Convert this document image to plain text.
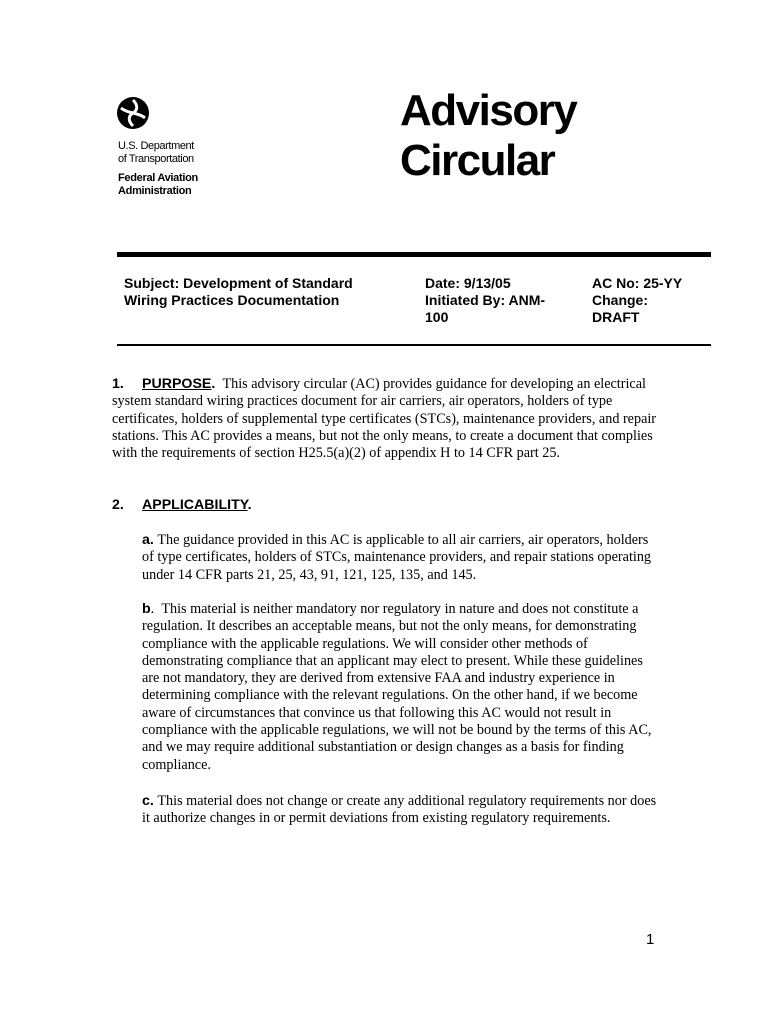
U.S. Department
of Transportation
Federal Aviation
Administration
Advisory
Circular
Subject: Development of Standard
Wiring Practices Documentation
Date: 9/13/05
Initiated By: ANM-
100
AC No: 25-YY
Change:
DRAFT
1. PURPOSE. This advisory circular (AC) provides guidance for developing an electrical system standard wiring practices document for air carriers, air operators, holders of type certificates, holders of supplemental type certificates (STCs), maintenance providers, and repair stations. This AC provides a means, but not the only means, to create a document that complies with the requirements of section H25.5(a)(2) of appendix H to 14 CFR part 25.
2. APPLICABILITY.
a. The guidance provided in this AC is applicable to all air carriers, air operators, holders of type certificates, holders of STCs, maintenance providers, and repair stations operating under 14 CFR parts 21, 25, 43, 91, 121, 125, 135, and 145.
b. This material is neither mandatory nor regulatory in nature and does not constitute a regulation. It describes an acceptable means, but not the only means, for demonstrating compliance with the applicable regulations. We will consider other methods of demonstrating compliance that an applicant may elect to present. While these guidelines are not mandatory, they are derived from extensive FAA and industry experience in determining compliance with the relevant regulations. On the other hand, if we become aware of circumstances that convince us that following this AC would not result in compliance with the applicable regulations, we will not be bound by the terms of this AC, and we may require additional substantiation or design changes as a basis for finding compliance.
c. This material does not change or create any additional regulatory requirements nor does it authorize changes in or permit deviations from existing regulatory requirements.
1
